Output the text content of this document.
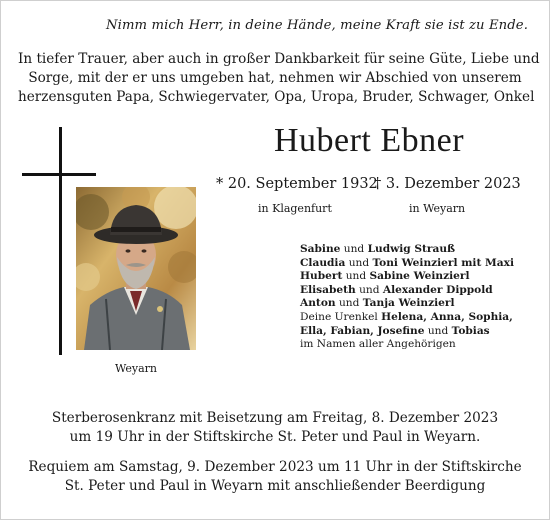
Nimm mich Herr, in deine Hände, meine Kraft sie ist zu Ende.
In tiefer Trauer, aber auch in großer Dankbarkeit für seine Güte, Liebe und
Sorge, mit der er uns umgeben hat, nehmen wir Abschied von unserem
herzensguten Papa, Schwiegervater, Opa, Uropa, Bruder, Schwager, Onkel
Weyarn
Hubert Ebner
* 20. September 1932
† 3. Dezember 2023
in Klagenfurt	in Weyarn
Sabine und Ludwig Strauß
Claudia und Toni Weinzierl mit Maxi
Hubert und Sabine Weinzierl
Elisabeth und Alexander Dippold
Anton und Tanja Weinzierl
Deine Urenkel Helena, Anna, Sophia,
Ella, Fabian, Josefine und Tobias
im Namen aller Angehörigen
Sterberosenkranz mit Beisetzung am Freitag, 8. Dezember 2023
um 19 Uhr in der Stiftskirche St. Peter und Paul in Weyarn.
Requiem am Samstag, 9. Dezember 2023 um 11 Uhr in der Stiftskirche
St. Peter und Paul in Weyarn mit anschließender Beerdigung
